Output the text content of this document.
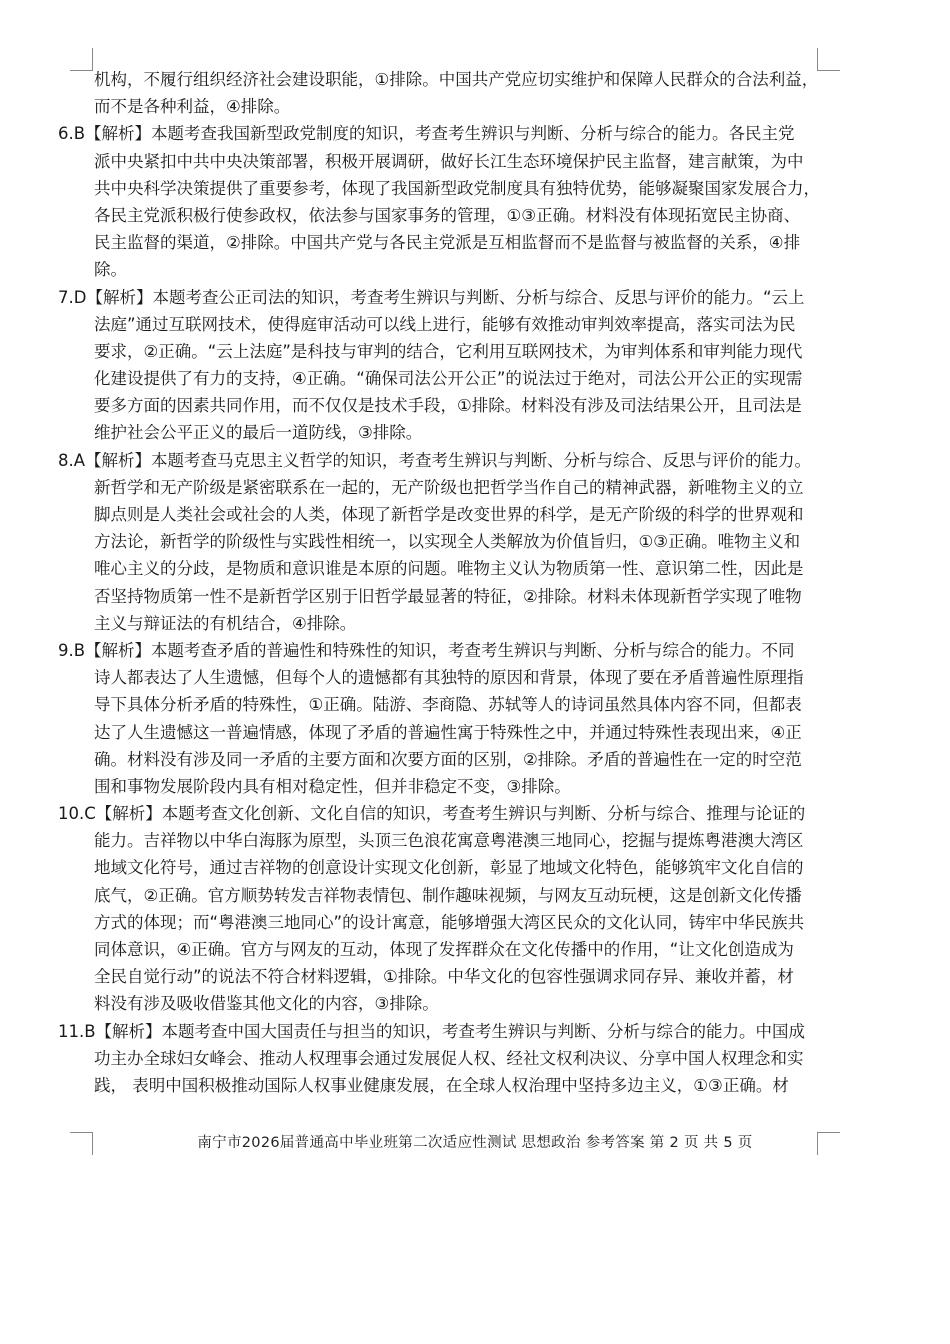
机构，不履行组织经济社会建设职能，①排除。中国共产党应切实维护和保障人民群众的合法利益，
而不是各种利益，④排除。
6.B【解析】本题考查我国新型政党制度的知识，考查考生辨识与判断、分析与综合的能力。各民主党
派中央紧扣中共中央决策部署，积极开展调研，做好长江生态环境保护民主监督，建言献策，为中
共中央科学决策提供了重要参考，体现了我国新型政党制度具有独特优势，能够凝聚国家发展合力，
各民主党派积极行使参政权，依法参与国家事务的管理，①③正确。材料没有体现拓宽民主协商、
民主监督的渠道，②排除。中国共产党与各民主党派是互相监督而不是监督与被监督的关系，④排
除。
7.D【解析】本题考查公正司法的知识，考查考生辨识与判断、分析与综合、反思与评价的能力。“云上
法庭”通过互联网技术，使得庭审活动可以线上进行，能够有效推动审判效率提高，落实司法为民
要求，②正确。“云上法庭”是科技与审判的结合，它利用互联网技术，为审判体系和审判能力现代
化建设提供了有力的支持，④正确。“确保司法公开公正”的说法过于绝对，司法公开公正的实现需
要多方面的因素共同作用，而不仅仅是技术手段，①排除。材料没有涉及司法结果公开，且司法是
维护社会公平正义的最后一道防线，③排除。
8.A【解析】本题考查马克思主义哲学的知识，考查考生辨识与判断、分析与综合、反思与评价的能力。
新哲学和无产阶级是紧密联系在一起的，无产阶级也把哲学当作自己的精神武器，新唯物主义的立
脚点则是人类社会或社会的人类，体现了新哲学是改变世界的科学，是无产阶级的科学的世界观和
方法论，新哲学的阶级性与实践性相统一，以实现全人类解放为价值旨归，①③正确。唯物主义和
唯心主义的分歧，是物质和意识谁是本原的问题。唯物主义认为物质第一性、意识第二性，因此是
否坚持物质第一性不是新哲学区别于旧哲学最显著的特征，②排除。材料未体现新哲学实现了唯物
主义与辩证法的有机结合，④排除。
9.B【解析】本题考查矛盾的普遍性和特殊性的知识，考查考生辨识与判断、分析与综合的能力。不同
诗人都表达了人生遗憾，但每个人的遗憾都有其独特的原因和背景，体现了要在矛盾普遍性原理指
导下具体分析矛盾的特殊性，①正确。陆游、李商隐、苏轼等人的诗词虽然具体内容不同，但都表
达了人生遗憾这一普遍情感，体现了矛盾的普遍性寓于特殊性之中，并通过特殊性表现出来，④正
确。材料没有涉及同一矛盾的主要方面和次要方面的区别，②排除。矛盾的普遍性在一定的时空范
围和事物发展阶段内具有相对稳定性，但并非稳定不变，③排除。
10.C【解析】本题考查文化创新、文化自信的知识，考查考生辨识与判断、分析与综合、推理与论证的
能力。吉祥物以中华白海豚为原型，头顶三色浪花寓意粤港澳三地同心，挖掘与提炼粤港澳大湾区
地域文化符号，通过吉祥物的创意设计实现文化创新，彰显了地域文化特色，能够筑牢文化自信的
底气，②正确。官方顺势转发吉祥物表情包、制作趣味视频，与网友互动玩梗，这是创新文化传播
方式的体现；而“粤港澳三地同心”的设计寓意，能够增强大湾区民众的文化认同，铸牢中华民族共
同体意识，④正确。官方与网友的互动，体现了发挥群众在文化传播中的作用，“让文化创造成为
全民自觉行动”的说法不符合材料逻辑，①排除。中华文化的包容性强调求同存异、兼收并蓄，材
料没有涉及吸收借鉴其他文化的内容，③排除。
11.B【解析】本题考查中国大国责任与担当的知识，考查考生辨识与判断、分析与综合的能力。中国成
功主办全球妇女峰会、推动人权理事会通过发展促人权、经社文权利决议、分享中国人权理念和实
践， 表明中国积极推动国际人权事业健康发展，在全球人权治理中坚持多边主义，①③正确。材
南宁市2026届普通高中毕业班第二次适应性测试 思想政治 参考答案 第 2 页 共 5 页
